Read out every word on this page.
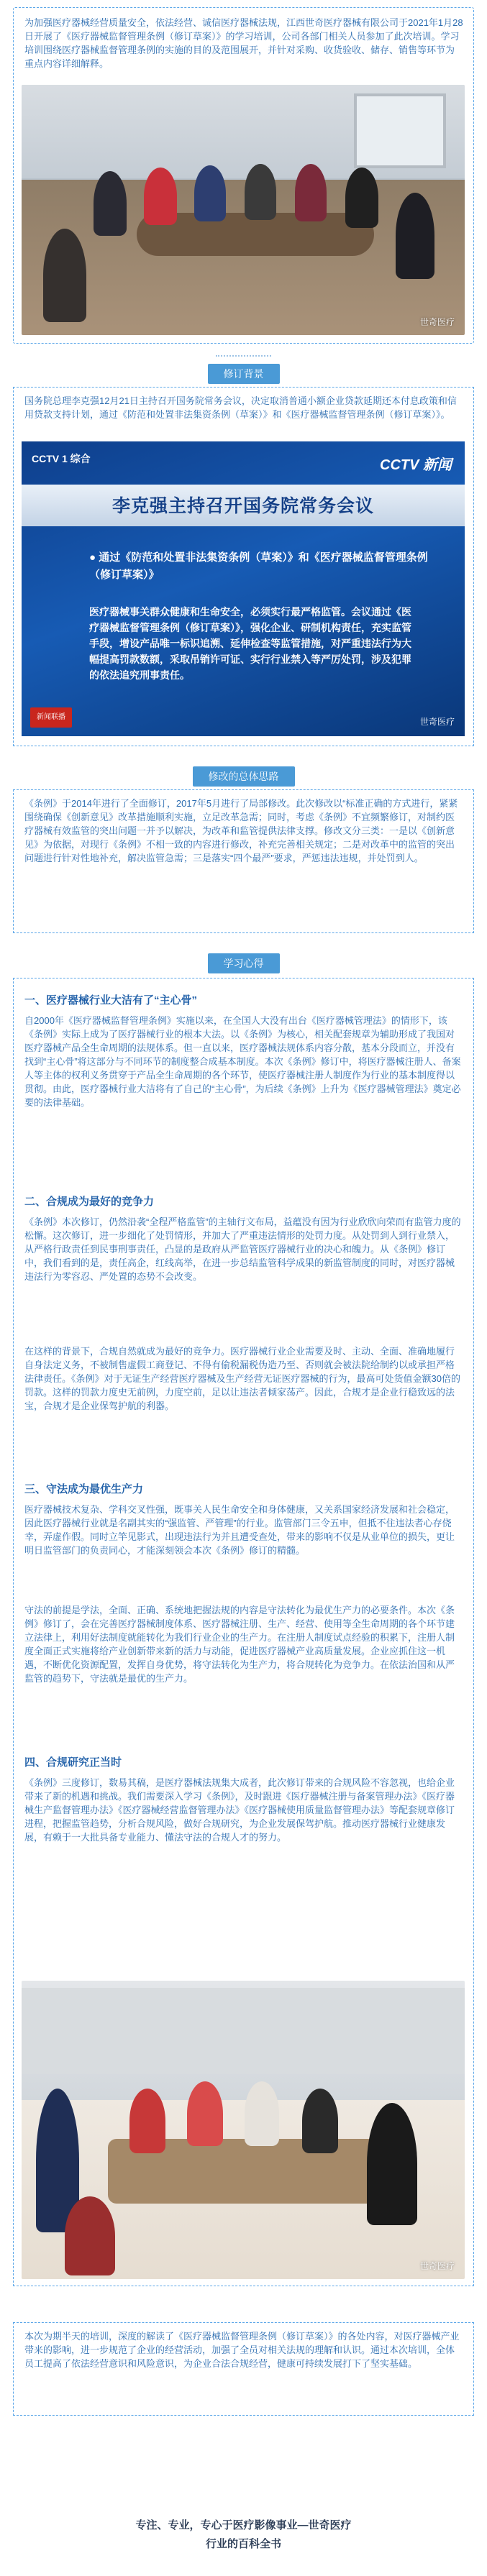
为加强医疗器械经营质量安全，依法经营、诚信医疗器械法规，江西世奇医疗器械有限公司于2021年1月28日开展了《医疗器械监督管理条例（修订草案）》的学习培训，公司各部门相关人员参加了此次培训。学习培训围绕医疗器械监督管理条例的实施的目的及范围展开，并针对采购、收货验收、储存、销售等环节为重点内容详细解释。
世奇医疗
修订背景
国务院总理李克强12月21日主持召开国务院常务会议，决定取消普通小额企业贷款延期还本付息政策和信用贷款支持计划，通过《防范和处置非法集资条例（草案）》和《医疗器械监督管理条例（修订草案）》。
CCTV 1 综合	CCTV 新闻
李克强主持召开国务院常务会议
● 通过《防范和处置非法集资条例（草案）》和《医疗器械监督管理条例（修订草案）》
医疗器械事关群众健康和生命安全，必须实行最严格监管。会议通过《医疗器械监督管理条例（修订草案）》，强化企业、研制机构责任，充实监管手段，增设产品唯一标识追溯、延伸检查等监管措施，对严重违法行为大幅提高罚款数额，采取吊销许可证、实行行业禁入等严厉处罚，涉及犯罪的依法追究刑事责任。
新闻联播	世奇医疗
修改的总体思路
《条例》于2014年进行了全面修订，2017年5月进行了局部修改。此次修改以“标准正确的方式进行，紧紧围绕确保《创新意见》改革措施顺利实施，立足改革急需；同时，考虑《条例》不宜频繁修订，对制约医疗器械有效监管的突出问题一并予以解决，为改革和监管提供法律支撑。修改文分三类：一是以《创新意见》为依据，对现行《条例》不相一致的内容进行修改，补充完善相关规定；二是对改革中的监管的突出问题进行针对性地补充，解决监管急需；三是落实“四个最严”要求，严惩违法违规，并处罚到人。
学习心得
一、医疗器械行业大洁有了“主心骨”
自2000年《医疗器械监督管理条例》实施以来，在全国人大没有出台《医疗器械管理法》的情形下，该《条例》实际上成为了医疗器械行业的根本大法。以《条例》为核心，相关配套规章为辅助形成了我国对医疗器械产品全生命周期的法规体系。但一直以来，医疗器械法规体系内容分散，基本分段而立，并没有找到“主心骨”将这部分与不同环节的制度整合成基本制度。本次《条例》修订中，将医疗器械注册人、备案人等主体的权利义务贯穿于产品全生命周期的各个环节，使医疗器械注册人制度作为行业的基本制度得以贯彻。由此，医疗器械行业大洁将有了自己的“主心骨”，为后续《条例》上升为《医疗器械管理法》奠定必要的法律基础。
二、合规成为最好的竞争力
《条例》本次修订，仍然沿袭“全程严格监管”的主轴行文布局，益蕴没有因为行业欣欣向荣而有监管力度的松懈。这次修订，进一步细化了处罚情形，并加大了严重违法情形的处罚力度。从处罚到人到行业禁入，从严格行政责任到民事刑事责任，凸显的是政府从严监管医疗器械行业的决心和魄力。从《条例》修订中，我们看到的是，责任高企，红线高举，在进一步总结监管科学成果的新监管制度的同时，对医疗器械违法行为零容忍、严处置的态势不会改变。
在这样的背景下，合规自然就成为最好的竞争力。医疗器械行业企业需要及时、主动、全面、准确地履行自身法定义务，不被制售虚假工商登记、不得有偷税漏税伪造乃至、否则就会被法院给制约以或承担严格法律责任。《条例》对于无证生产经营医疗器械及生产经营无证医疗器械的行为，最高可处货值金额30倍的罚款。这样的罚款力度史无前例，力度空前，足以让违法者倾家荡产。因此，合规才是企业行稳致远的法宝，合规才是企业保驾护航的利器。
三、守法成为最优生产力
医疗器械技术复杂、学科交叉性强，既事关人民生命安全和身体健康，又关系国家经济发展和社会稳定，因此医疗器械行业就是名副其实的“强监管、严管理”的行业。监管部门三令五申，但抵不住违法者心存侥幸，弄虚作假。同时立竿见影式，出现违法行为并且遭受查处，带来的影响不仅是从业单位的损失，更让明日监管部门的负责同心，才能深刻领会本次《条例》修订的精髓。
守法的前提是学法，全面、正确、系统地把握法规的内容是守法转化为最优生产力的必要条件。本次《条例》修订了，会在完善医疗器械制度体系、医疗器械注册、生产、经营、使用等全生命周期的各个环节建立法律上，利用好法制度就能转化为我们行业企业的生产力。在注册人制度试点经验的积累下，注册人制度全面正式实施将给产业创新带来新的活力与动能，促进医疗器械产业高质量发展。企业应抓住这一机遇，不断优化资源配置，发挥自身优势，将守法转化为生产力，将合规转化为竞争力。在依法治国和从严监管的趋势下，守法就是最优的生产力。
四、合规研究正当时
《条例》三度修订，数易其稿，是医疗器械法规集大成者，此次修订带来的合规风险不容忽视，也给企业带来了新的机遇和挑战。我们需要深入学习《条例》，及时跟进《医疗器械注册与备案管理办法》《医疗器械生产监督管理办法》《医疗器械经营监督管理办法》《医疗器械使用质量监督管理办法》等配套规章修订进程，把握监管趋势，分析合规风险，做好合规研究，为企业发展保驾护航。推动医疗器械行业健康发展，有赖于一大批具备专业能力、懂法守法的合规人才的努力。
世奇医疗
本次为期半天的培训，深度的解读了《医疗器械监督管理条例（修订草案）》的各处内容，对医疗器械产业带来的影响，进一步规范了企业的经营活动，加强了全员对相关法规的理解和认识。通过本次培训，全体员工提高了依法经营意识和风险意识，为企业合法合规经营，健康可持续发展打下了坚实基础。
专注、专业，专心于医疗影像事业—世奇医疗
行业的百科全书
